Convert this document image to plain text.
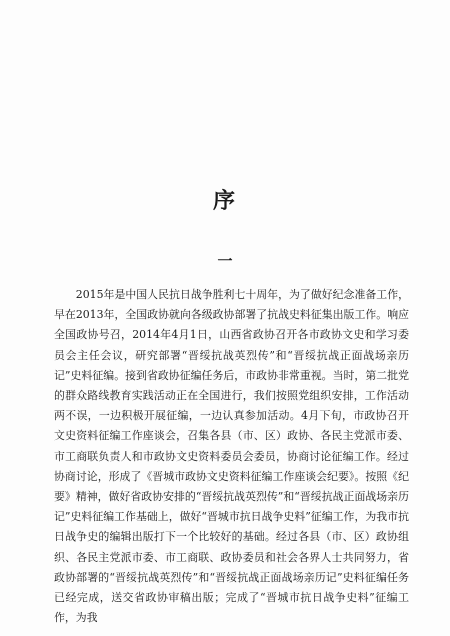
序
一

2015年是中国人民抗日战争胜利七十周年，为了做好纪念准备工作，早在2013年，全国政协就向各级政协部署了抗战史料征集出版工作。响应全国政协号召，2014年4月1日，山西省政协召开各市政协文史和学习委员会主任会议，研究部署“晋绥抗战英烈传”和“晋绥抗战正面战场亲历记”史料征编。接到省政协征编任务后，市政协非常重视。当时，第二批党的群众路线教育实践活动正在全国进行，我们按照党组织安排，工作活动两不误，一边积极开展征编，一边认真参加活动。4月下旬，市政协召开文史资料征编工作座谈会，召集各县（市、区）政协、各民主党派市委、市工商联负责人和市政协文史资料委员会委员，协商讨论征编工作。经过协商讨论，形成了《晋城市政协文史资料征编工作座谈会纪要》。按照《纪要》精神，做好省政协安排的“晋绥抗战英烈传”和“晋绥抗战正面战场亲历记”史料征编工作基础上，做好“晋城市抗日战争史料”征编工作，为我市抗日战争史的编辑出版打下一个比较好的基础。经过各县（市、区）政协组织、各民主党派市委、市工商联、政协委员和社会各界人士共同努力，省政协部署的“晋绥抗战英烈传”和“晋绥抗战正面战场亲历记”史料征编任务已经完成，送交省政协审稿出版；完成了“晋城市抗日战争史料”征编工作，为我
